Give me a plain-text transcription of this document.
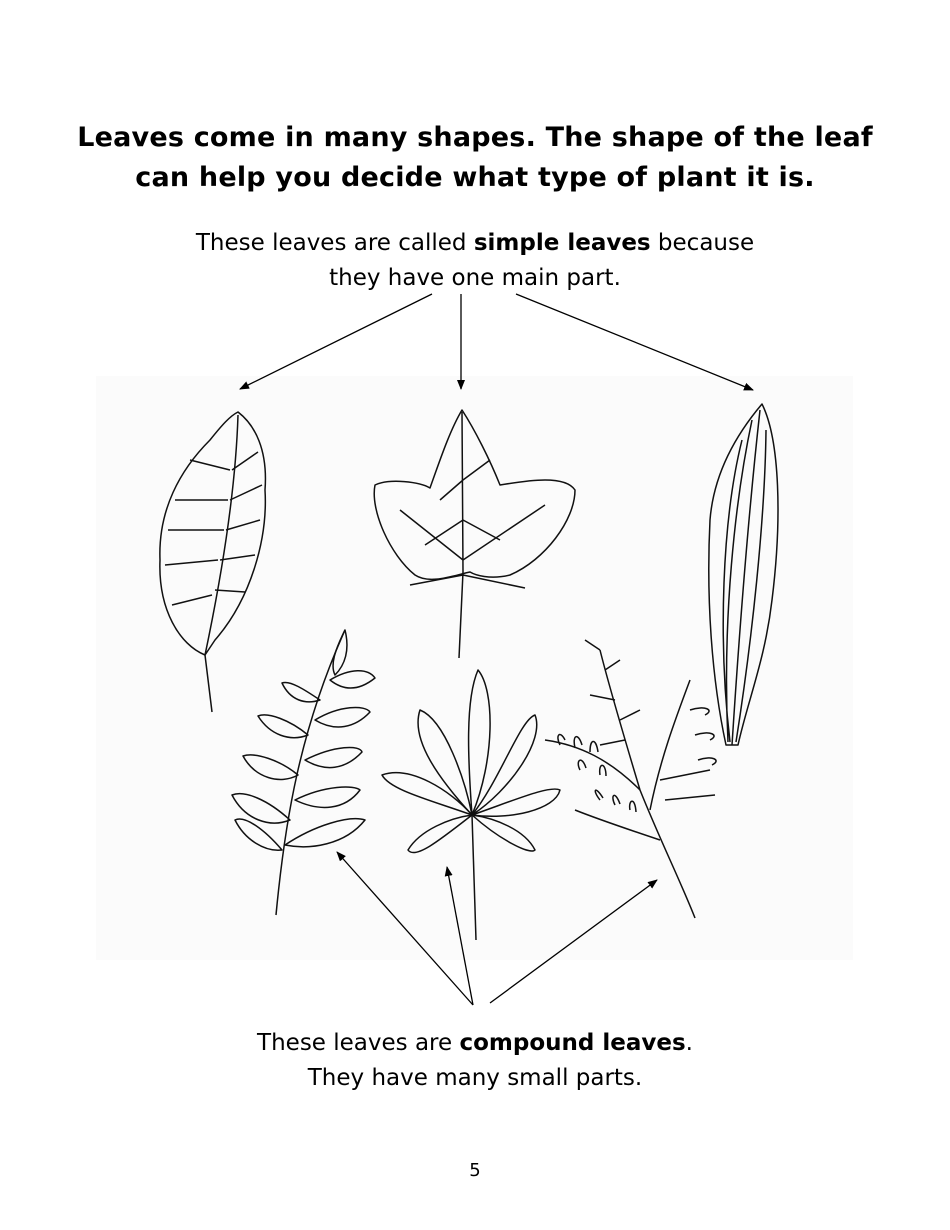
Leaves come in many shapes. The shape of the leaf
can help you decide what type of plant it is.
These leaves are called simple leaves because
they have one main part.
These leaves are compound leaves.
They have many small parts.
5
